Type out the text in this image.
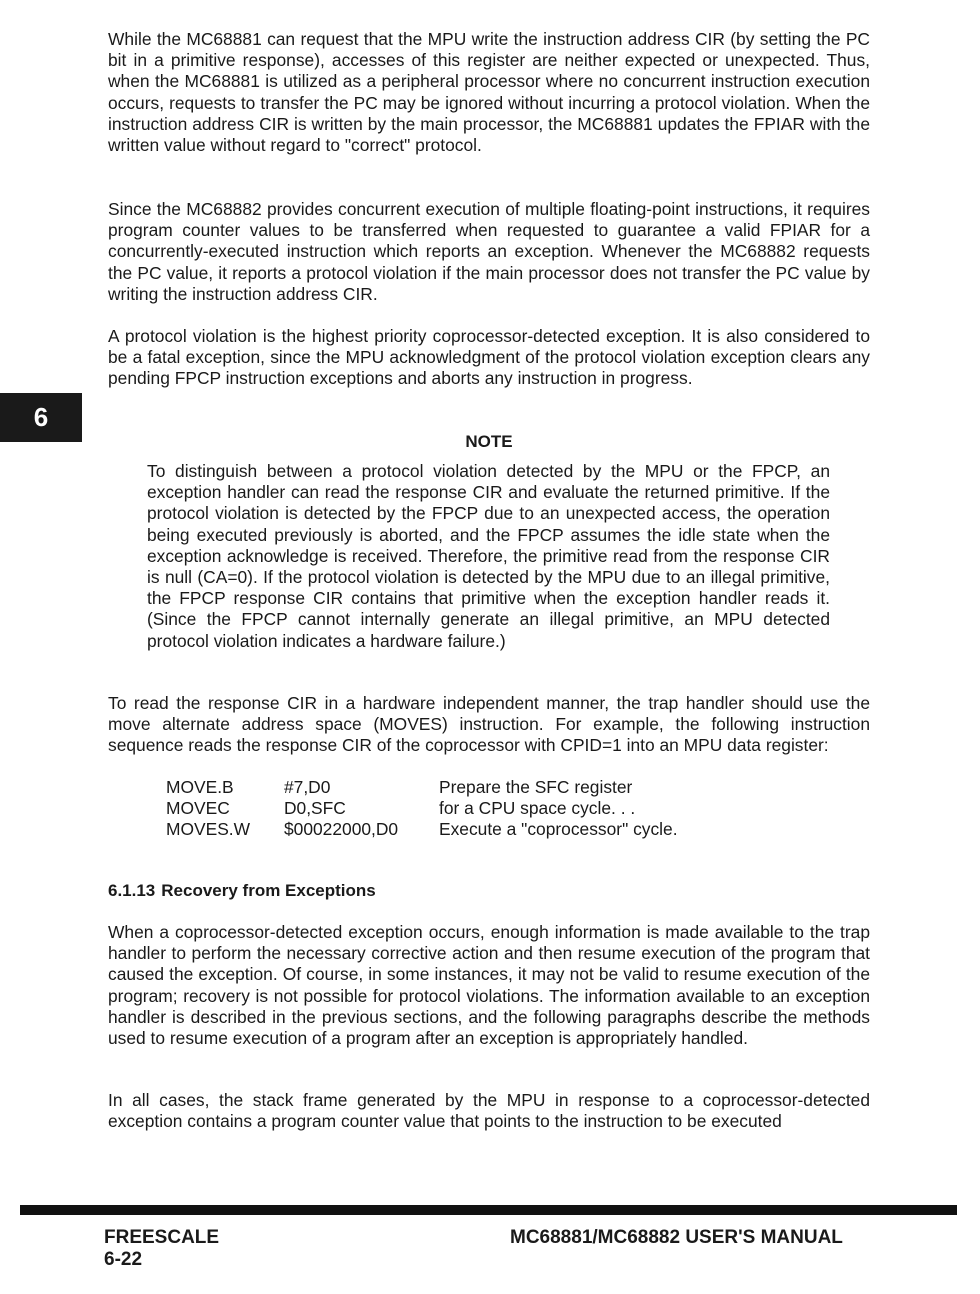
6

While the MC68881 can request that the MPU write the instruction address CIR (by setting the PC bit in a primitive response), accesses of this register are neither expected or unexpected. Thus, when the MC68881 is utilized as a peripheral processor where no concurrent instruction execution occurs, requests to transfer the PC may be ignored without incurring a protocol violation. When the instruction address CIR is written by the main processor, the MC68881 updates the FPIAR with the written value without regard to "correct" protocol.

Since the MC68882 provides concurrent execution of multiple floating-point instructions, it requires program counter values to be transferred when requested to guarantee a valid FPIAR for a concurrently-executed instruction which reports an exception. Whenever the MC68882 requests the PC value, it reports a protocol violation if the main processor does not transfer the PC value by writing the instruction address CIR.

A protocol violation is the highest priority coprocessor-detected exception. It is also considered to be a fatal exception, since the MPU acknowledgment of the protocol violation exception clears any pending FPCP instruction exceptions and aborts any instruction in progress.

NOTE

To distinguish between a protocol violation detected by the MPU or the FPCP, an exception handler can read the response CIR and evaluate the returned primitive. If the protocol violation is detected by the FPCP due to an unexpected access, the operation being executed previously is aborted, and the FPCP assumes the idle state when the exception acknowledge is received. Therefore, the primitive read from the response CIR is null (CA=0). If the protocol violation is detected by the MPU due to an illegal primitive, the FPCP response CIR contains that primitive when the exception handler reads it. (Since the FPCP cannot internally generate an illegal primitive, an MPU detected protocol violation indicates a hardware failure.)

To read the response CIR in a hardware independent manner, the trap handler should use the move alternate address space (MOVES) instruction. For example, the following instruction sequence reads the response CIR of the coprocessor with CPID=1 into an MPU data register:

MOVE.B	#7,D0	Prepare the SFC register
MOVEC	D0,SFC	for a CPU space cycle. . .
MOVES.W	$00022000,D0	Execute a "coprocessor" cycle.
6.1.13 Recovery from Exceptions

When a coprocessor-detected exception occurs, enough information is made available to the trap handler to perform the necessary corrective action and then resume execution of the program that caused the exception. Of course, in some instances, it may not be valid to resume execution of the program; recovery is not possible for protocol violations. The information available to an exception handler is described in the previous sections, and the following paragraphs describe the methods used to resume execution of a program after an exception is appropriately handled.

In all cases, the stack frame generated by the MPU in response to a coprocessor-detected exception contains a program counter value that points to the instruction to be executed

FREESCALE
6-22
MC68881/MC68882 USER'S MANUAL
